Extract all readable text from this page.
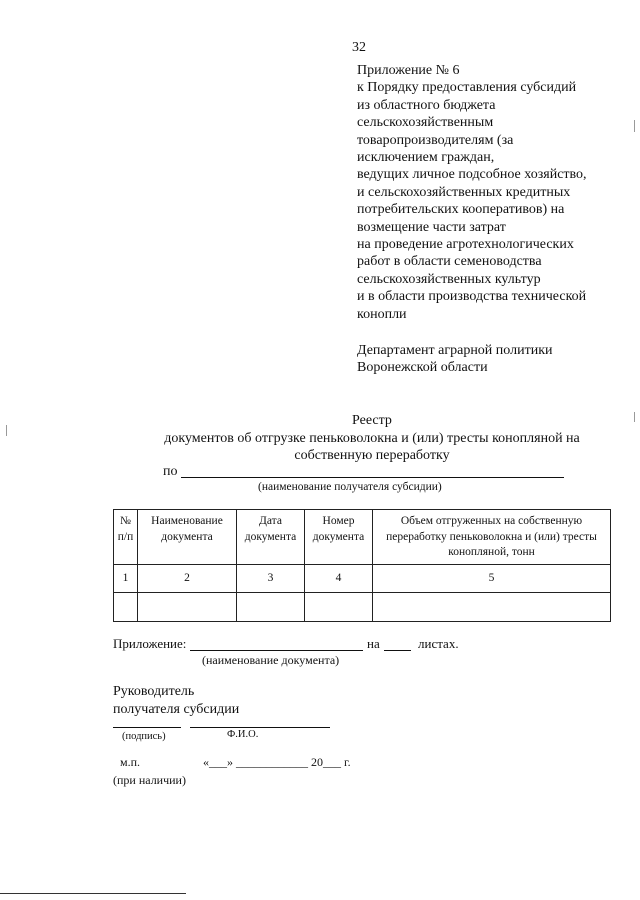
32
Приложение № 6
к Порядку предоставления субсидий
из областного бюджета
сельскохозяйственным
товаропроизводителям (за
исключением граждан,
ведущих личное подсобное хозяйство,
и сельскохозяйственных кредитных
потребительских кооперативов) на
возмещение части затрат
на проведение агротехнологических
работ в области семеноводства
сельскохозяйственных культур
и в области производства технической
конопли
Департамент аграрной политики
Воронежской области
Реестр
документов об отгрузке пеньковолокна и (или) тресты конопляной на
собственную переработку
по
(наименование получателя субсидии)
№ п/п	Наименование документа	Дата документа	Номер документа	Объем отгруженных на собственную переработку пеньковолокна и (или) тресты конопляной, тонн
1	2	3	4	5

Приложение:	на	листах.
(наименование документа)
Руководитель
получателя субсидии
(подпись)	Ф.И.О.
м.п.	«___» ____________ 20___ г.
(при наличии)
